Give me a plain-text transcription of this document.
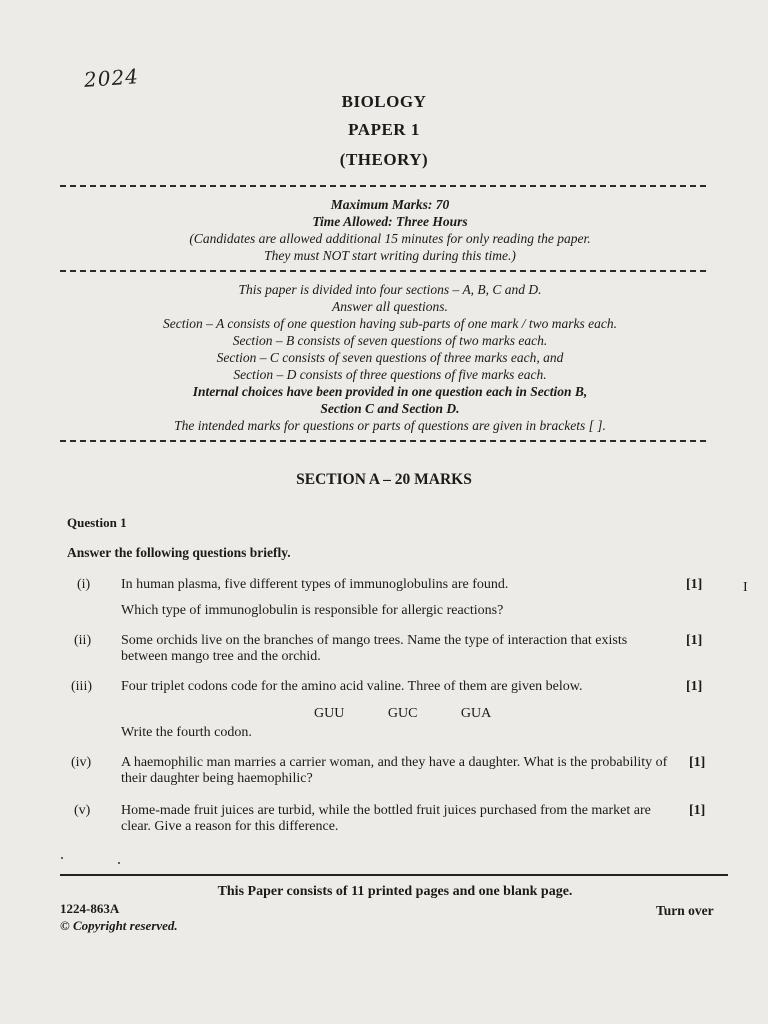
2024
BIOLOGY
PAPER 1
(THEORY)
Maximum Marks: 70
Time Allowed: Three Hours
(Candidates are allowed additional 15 minutes for only reading the paper.
They must NOT start writing during this time.)
This paper is divided into four sections – A, B, C and D.
Answer all questions.
Section – A consists of one question having sub-parts of one mark / two marks each.
Section – B consists of seven questions of two marks each.
Section – C consists of seven questions of three marks each, and
Section – D consists of three questions of five marks each.
Internal choices have been provided in one question each in Section B,
Section C and Section D.
The intended marks for questions or parts of questions are given in brackets [ ].
SECTION A – 20 MARKS
Question 1
Answer the following questions briefly.
(i) In human plasma, five different types of immunoglobulins are found.	[1]
Which type of immunoglobulin is responsible for allergic reactions?
I
(ii) Some orchids live on the branches of mango trees. Name the type of interaction that exists between mango tree and the orchid.
[1]
(iii) Four triplet codons code for the amino acid valine. Three of them are given below.	[1]
GUU	GUC	GUA
Write the fourth codon.
(iv) A haemophilic man marries a carrier woman, and they have a daughter. What is the probability of their daughter being haemophilic?
[1]
(v) Home-made fruit juices are turbid, while the bottled fruit juices purchased from the market are clear. Give a reason for this difference.
[1]
This Paper consists of 11 printed pages and one blank page.
1224-863A
© Copyright reserved.
Turn over
